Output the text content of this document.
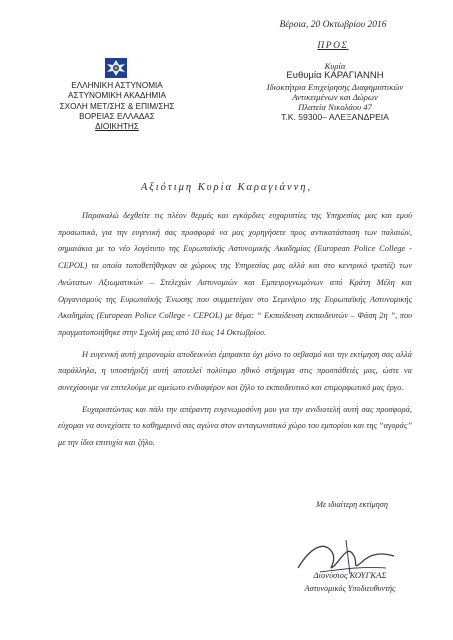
ΕΛΛΗΝΙΚΗ ΑΣΤΥΝΟΜΙΑ
ΑΣΤΥΝΟΜΙΚΗ ΑΚΑΔΗΜΙΑ
ΣΧΟΛΗ ΜΕΤ/ΣΗΣ & ΕΠΙΜ/ΣΗΣ
ΒΟΡΕΙΑΣ ΕΛΛΑΔΑΣ
ΔΙΟΙΚΗΤΗΣ
Βέροια, 20 Οκτωβρίου 2016
ΠΡΟΣ
Κυρία
Ευθυμία ΚΑΡΑΓΙΑΝΝΗ
Ιδιοκτήτρια Επιχείρησης Διαφημιστικών
Αντικειμένων και Δώρων
Πλατεία Νικολάου 47
Τ.Κ. 59300– ΑΛΕΞΑΝΔΡΕΙΑ
Αξιότιμη Κυρία Καραγιάννη,

Παρακαλώ δεχθείτε τις πλέον θερμές και εγκάρδιες ευχαριστίες της Υπηρεσίας μας και εμού προσωπικά, για την ευγενική σας προσφορά να μας χορηγήσετε προς αντικατάσταση των παλαιών, σημαιάκια με το νέο λογότυπο της Ευρωπαϊκής Αστυνομικής Ακαδημίας (European Police College - CEPOL) τα οποία τοποθετήθηκαν σε χώρους της Υπηρεσίας μας αλλά και στο κεντρικό τραπέζι των Ανώτατων Αξιωματικών – Στελεχών Αστυνομιών και Εμπειρογνωμόνων από Κράτη Μέλη και Οργανισμούς της Ευρωπαϊκής Ένωσης που συμμετείχαν στο Σεμινάριο της Ευρωπαϊκής Αστυνομικής Ακαδημίας (European Police College - CEPOL) με θέμα: “ Εκπαίδευση εκπαιδευτών – Φάση 2η ”, που πραγματοποιήθηκε στην Σχολή μας από 10 έως 14 Οκτωβρίου.

Η ευγενική αυτή χειρονομία αποδεικνύει έμπρακτα όχι μόνο το σεβασμό και την εκτίμηση σας αλλά παράλληλα, η υποστήριξή αυτή αποτελεί πολύτιμο ηθικό στήριγμα στις προσπάθειές μας, ώστε να συνεχίσουμε να επιτελούμε με αμείωτο ενδιαφέρον και ζήλο το εκπαιδευτικό και επιμορφωτικό μας έργο.

Ευχαριστώντας και πάλι την απέραντη ευγενωμοσύνη μου για την ανιδιοτελή αυτή σας προσφορά, εύχομαι να συνεχίσετε το καθημερινό σας αγώνα στον ανταγωνιστικό χώρο του εμπορίου και της “αγοράς” με την ίδια επιτυχία και ζήλο.

Με ιδιαίτερη εκτίμηση
Διονύσιος ΚΟΥΓΚΑΣ
Αστυνομικός Υποδιευθυντής
